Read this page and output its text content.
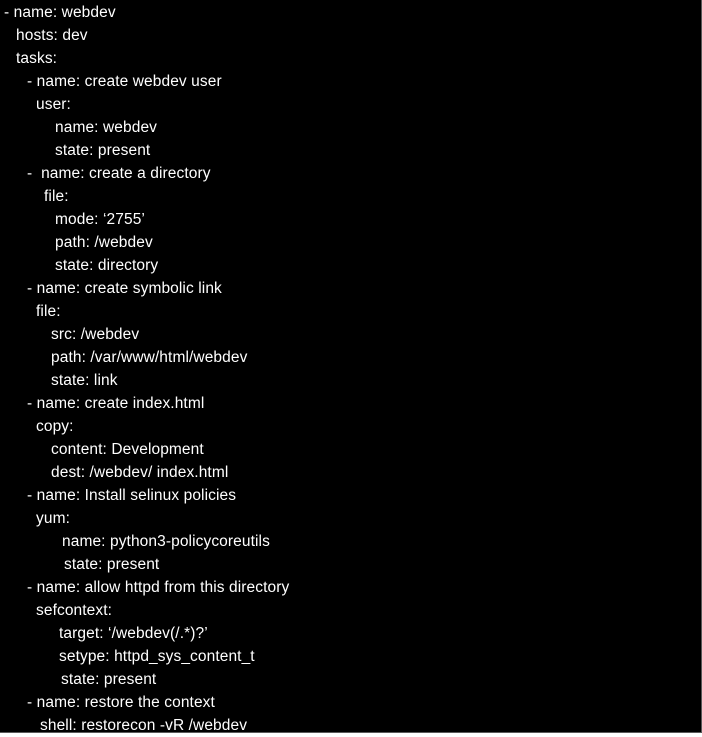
- name: webdev
hosts: dev
tasks:
- name: create webdev user
user:
name: webdev
state: present
-  name: create a directory
file:
mode: ‘2755’
path: /webdev
state: directory
- name: create symbolic link
file:
src: /webdev
path: /var/www/html/webdev
state: link
- name: create index.html
copy:
content: Development
dest: /webdev/ index.html
- name: Install selinux policies
yum:
name: python3-policycoreutils
state: present
- name: allow httpd from this directory
sefcontext:
target: ‘/webdev(/.*)?’
setype: httpd_sys_content_t
state: present
- name: restore the context
shell: restorecon -vR /webdev
